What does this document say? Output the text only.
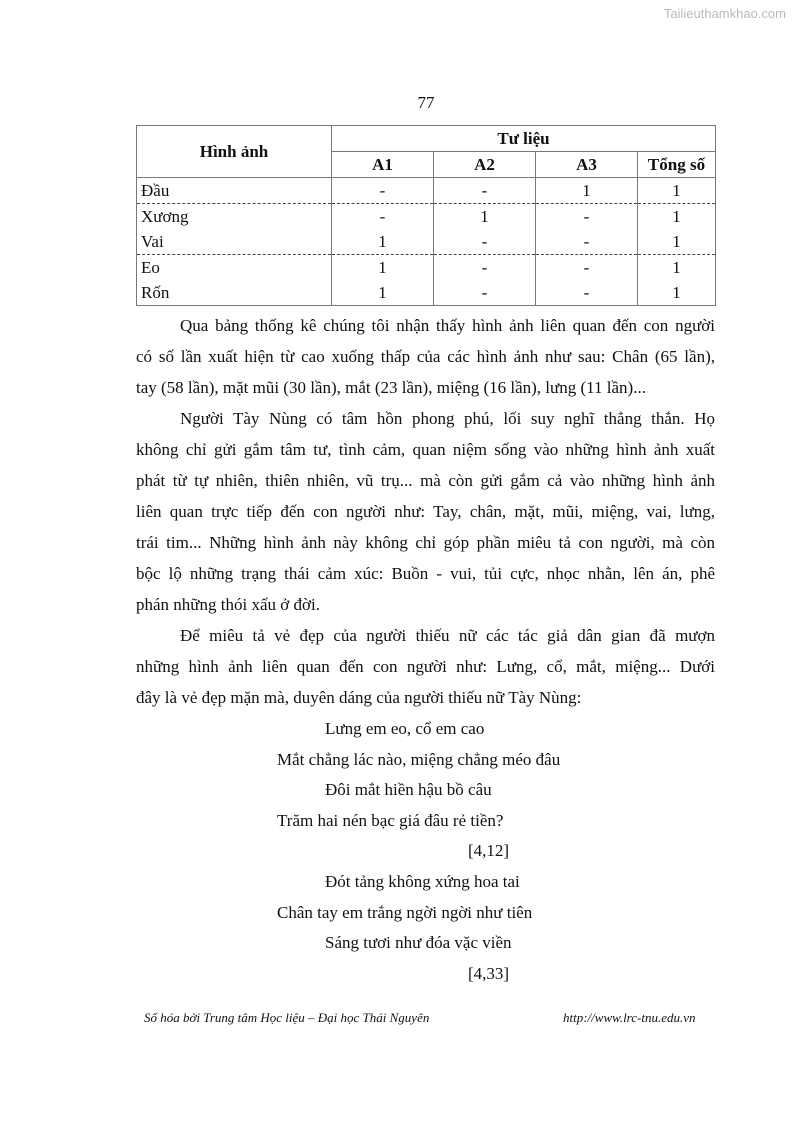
Tailieuthamkhao.com
77
Hình ảnh	Tư liệu			
	A1	A2	A3	Tổng số
Đầu	-	-	1	1
Xương	-	1	-	1
Vai	1	-	-	1
Eo	1	-	-	1
Rốn	1	-	-	1
Qua bảng thống kê chúng tôi nhận thấy hình ảnh liên quan đến con người
có số lần xuất hiện từ cao xuống thấp của các hình ảnh như sau: Chân (65 lần),
tay (58 lần), mặt mũi (30 lần), mắt (23 lần), miệng (16 lần), lưng (11 lần)...
Người Tày Nùng có tâm hồn phong phú, lối suy nghĩ thẳng thắn. Họ
không chỉ gửi gắm tâm tư, tình cảm, quan niệm sống vào những hình ảnh xuất
phát từ tự nhiên, thiên nhiên, vũ trụ... mà còn gửi gắm cả vào những hình ảnh
liên quan trực tiếp đến con người như: Tay, chân, mặt, mũi, miệng, vai, lưng,
trái tim... Những hình ảnh này không chỉ góp phần miêu tả con người, mà còn
bộc lộ những trạng thái cảm xúc: Buồn - vui, tủi cực, nhọc nhằn, lên án, phê
phán những thói xấu ở đời.
Để miêu tả vẻ đẹp của người thiếu nữ các tác giả dân gian đã mượn
những hình ảnh liên quan đến con người như: Lưng, cổ, mắt, miệng... Dưới
đây là vẻ đẹp mặn mà, duyên dáng của người thiếu nữ Tày Nùng:
Lưng em eo, cổ em cao
Mắt chẳng lác nào, miệng chẳng méo đâu
Đôi mắt hiền hậu bồ câu
Trăm hai nén bạc giá đâu rẻ tiền?
[4,12]
Đót tảng không xứng hoa tai
Chân tay em trắng ngời ngời như tiên
Sáng tươi như đóa vặc viền
[4,33]
Số hóa bởi Trung tâm Học liệu – Đại học Thái Nguyên	http://www.lrc-tnu.edu.vn
